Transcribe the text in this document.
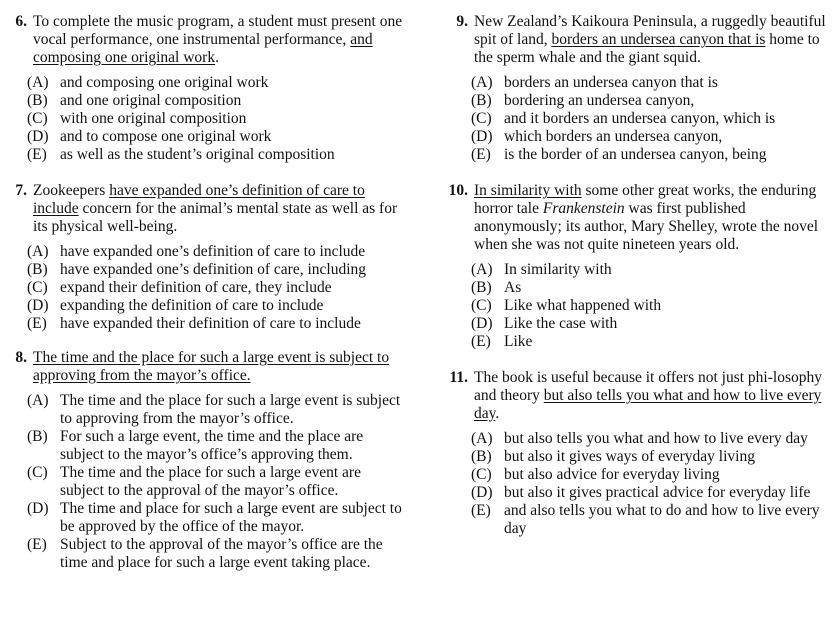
6. To complete the music program, a student must present one vocal performance, one instrumental performance, and composing one original work.
(A) and composing one original work
(B) and one original composition
(C) with one original composition
(D) and to compose one original work
(E) as well as the student’s original composition
7. Zookeepers have expanded one’s definition of care to include concern for the animal’s mental state as well as for its physical well-being.
(A) have expanded one’s definition of care to include
(B) have expanded one’s definition of care, including
(C) expand their definition of care, they include
(D) expanding the definition of care to include
(E) have expanded their definition of care to include
8. The time and the place for such a large event is subject to approving from the mayor’s office.
(A) The time and the place for such a large event is subject to approving from the mayor’s office.
(B) For such a large event, the time and the place are subject to the mayor’s office’s approving them.
(C) The time and the place for such a large event are subject to the approval of the mayor’s office.
(D) The time and place for such a large event are subject to be approved by the office of the mayor.
(E) Subject to the approval of the mayor’s office are the time and place for such a large event taking place.
9. New Zealand’s Kaikoura Peninsula, a ruggedly beautiful spit of land, borders an undersea canyon that is home to the sperm whale and the giant squid.
(A) borders an undersea canyon that is
(B) bordering an undersea canyon,
(C) and it borders an undersea canyon, which is
(D) which borders an undersea canyon,
(E) is the border of an undersea canyon, being
10. In similarity with some other great works, the enduring horror tale Frankenstein was first published anonymously; its author, Mary Shelley, wrote the novel when she was not quite nineteen years old.
(A) In similarity with
(B) As
(C) Like what happened with
(D) Like the case with
(E) Like
11. The book is useful because it offers not just phi-losophy and theory but also tells you what and how to live every day.
(A) but also tells you what and how to live every day
(B) but also it gives ways of everyday living
(C) but also advice for everyday living
(D) but also it gives practical advice for everyday life
(E) and also tells you what to do and how to live every day
